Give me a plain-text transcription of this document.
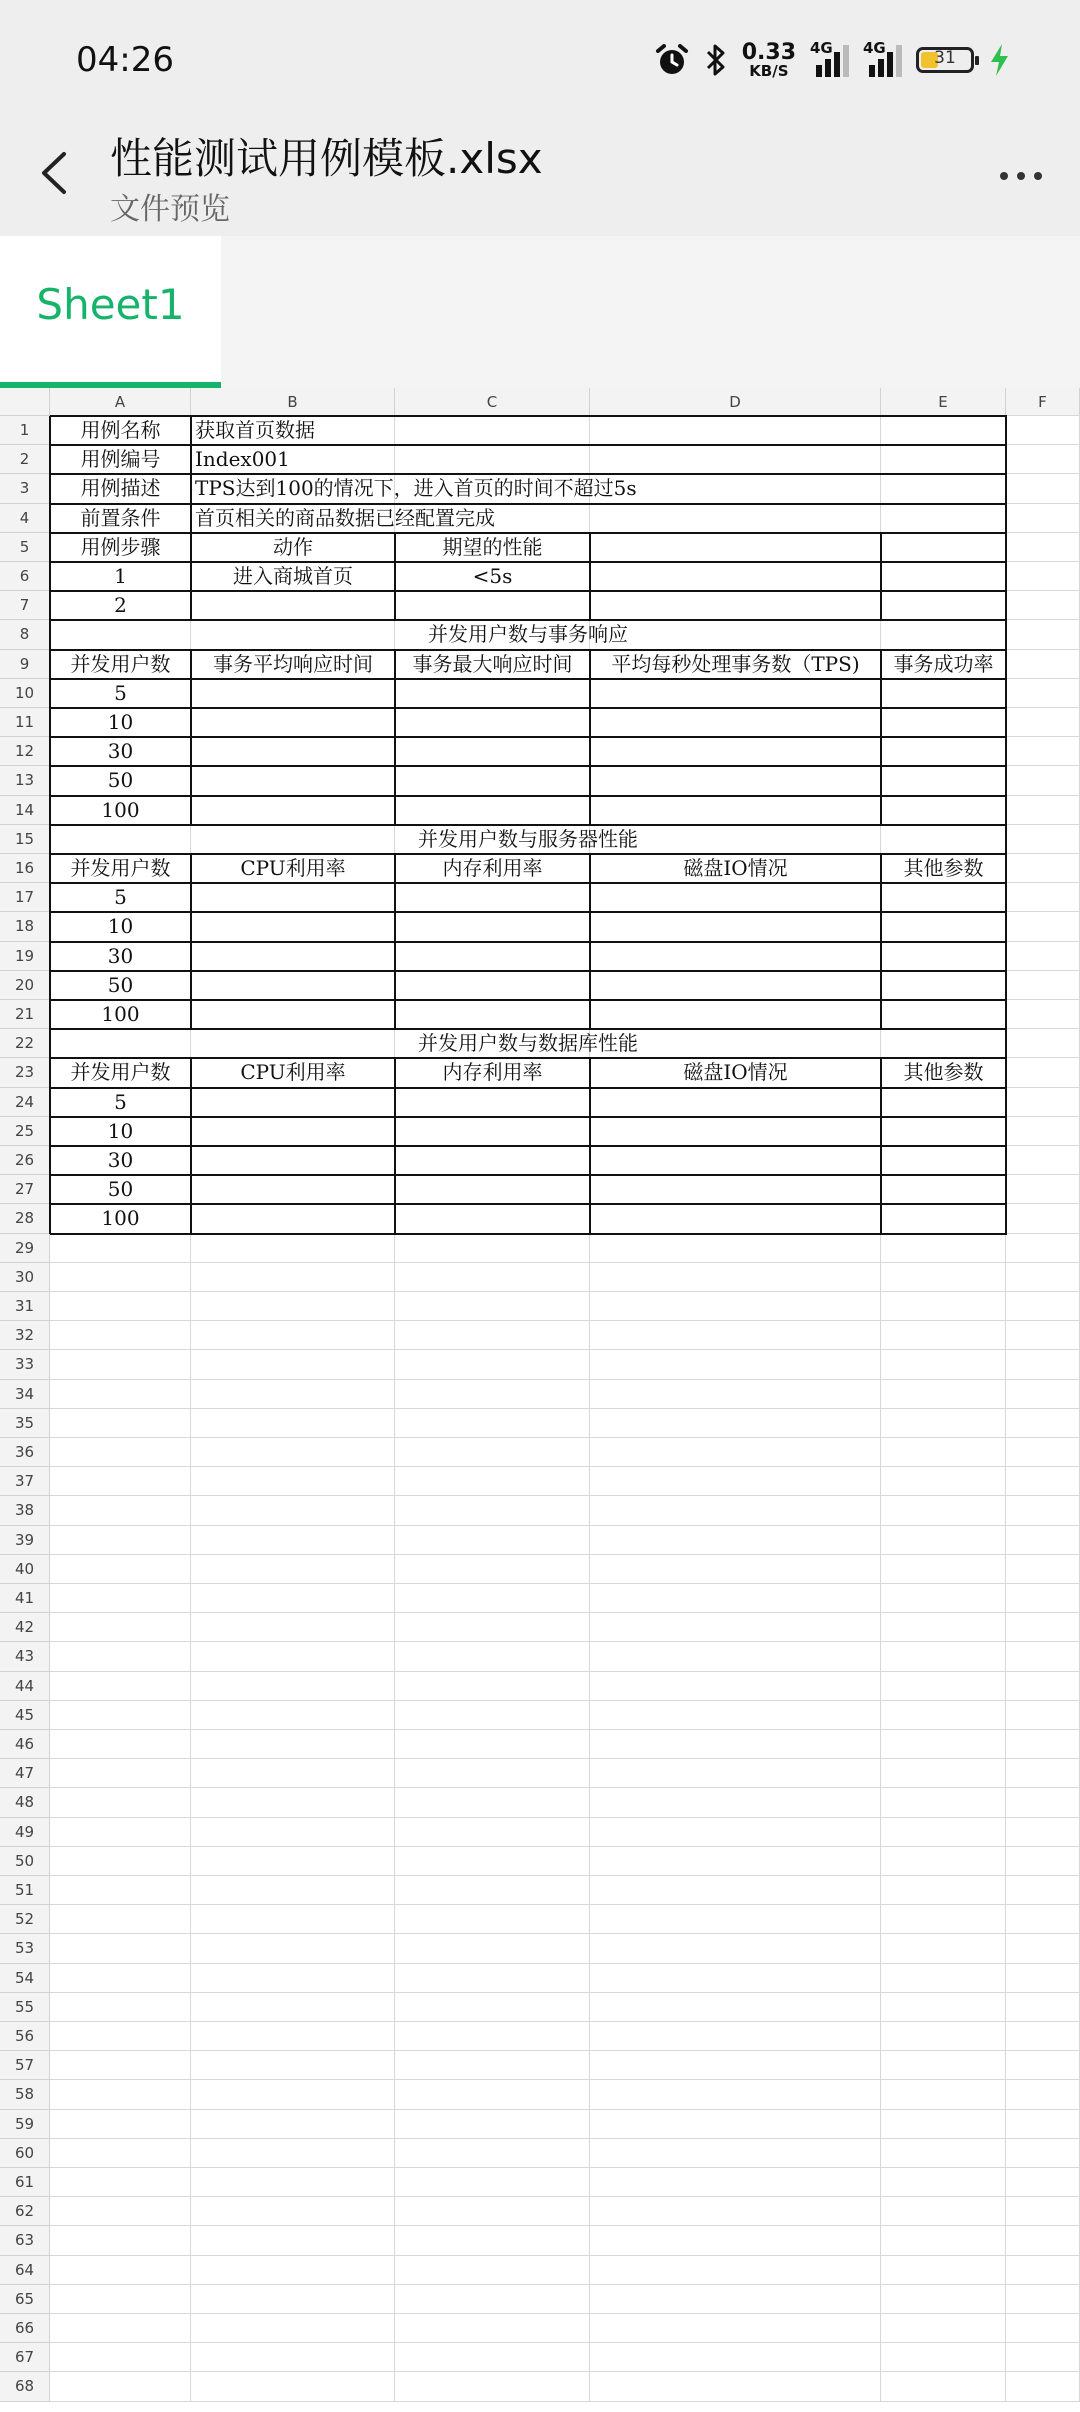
04:26	0.33
KB/S
4G 4G	31
性能测试用例模板.xlsx
文件预览
Sheet1
A	B	C	D	E	F
1
2
3
4
5
6
7
8
9
10
11
12
13
14
15
16
17
18
19
20
21
22
23
24
25
26
27
28
29
30
31
32
33
34
35
36
37
38
39
40
41
42
43
44
45
46
47
48
49
50
51
52
53
54
55
56
57
58
59
60
61
62
63
64
65
66
67
68
用例名称	获取首页数据
用例编号	Index001
用例描述	TPS达到100的情况下，进入首页的时间不超过5s
前置条件	首页相关的商品数据已经配置完成
用例步骤	动作	期望的性能
1	进入商城首页	<5s
2
并发用户数与事务响应
并发用户数	事务平均响应时间	事务最大响应时间	平均每秒处理事务数（TPS)	事务成功率
5
10
30
50
100
并发用户数与服务器性能
并发用户数	CPU利用率	内存利用率	磁盘IO情况	其他参数
5
10
30
50
100
并发用户数与数据库性能
并发用户数	CPU利用率	内存利用率	磁盘IO情况	其他参数
5
10
30
50
100
